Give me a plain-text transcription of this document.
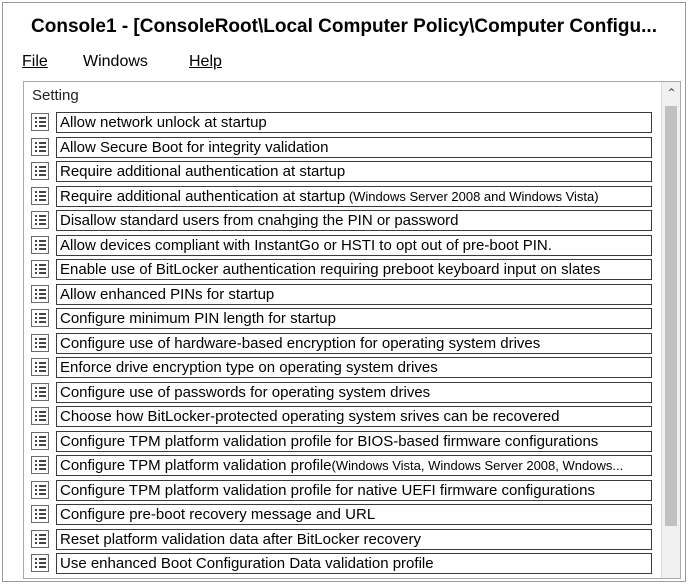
Console1 - [ConsoleRoot\Local Computer Policy\Computer Configu...
File Windows	Help
Setting
Allow network unlock at startup
Allow Secure Boot for integrity validation
Require additional authentication at startup
Require additional authentication at startup (Windows Server 2008 and Windows Vista)
Disallow standard users from cnahging the PIN or password
Allow devices compliant with InstantGo or HSTI to opt out of pre-boot PIN.
Enable use of BitLocker authentication requiring preboot keyboard input on slates
Allow enhanced PINs for startup
Configure minimum PIN length for startup
Configure use of hardware-based encryption for operating system drives
Enforce drive encryption type on operating system drives
Configure use of passwords for operating system drives
Choose how BitLocker-protected operating system srives can be recovered
Configure TPM platform validation profile for BIOS-based firmware configurations
Configure TPM platform validation profile(Windows Vista, Windows Server 2008, Wndows...
Configure TPM platform validation profile for native UEFI firmware configurations
Configure pre-boot recovery message and URL
Reset platform validation data after BitLocker recovery
Use enhanced Boot Configuration Data validation profile
⌃
